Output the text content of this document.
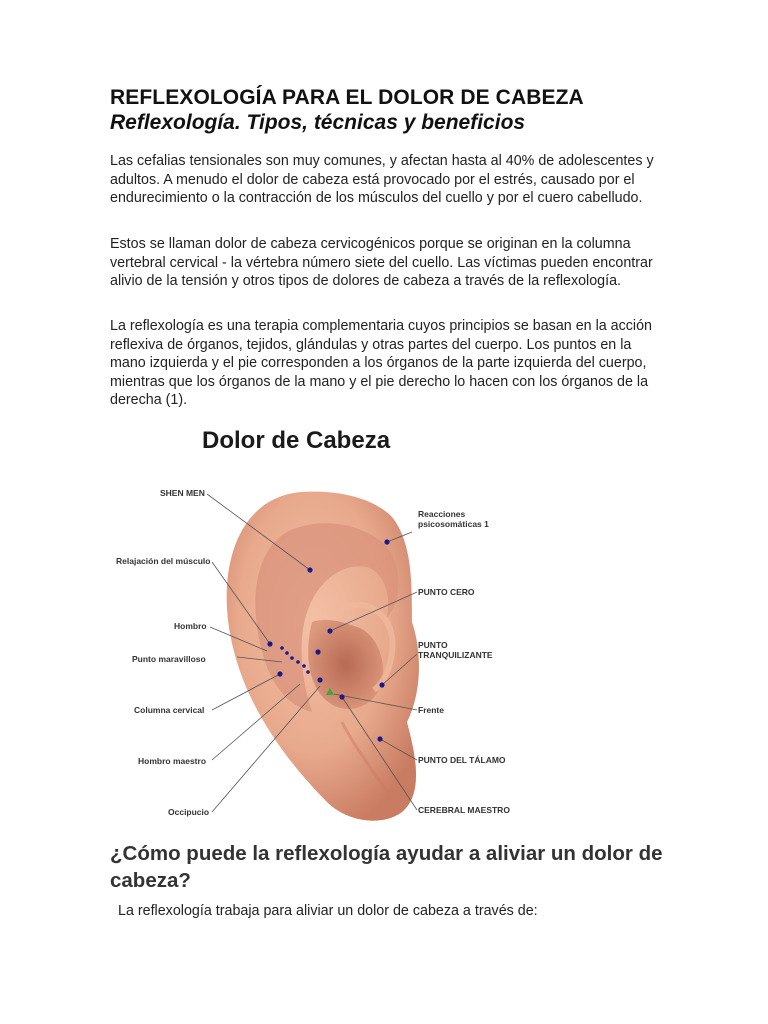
REFLEXOLOGÍA PARA EL DOLOR DE CABEZA
Reflexología. Tipos, técnicas y beneficios

Las cefalias tensionales son muy comunes, y afectan hasta al 40% de adolescentes y adultos. A menudo el dolor de cabeza está provocado por el estrés, causado por el endurecimiento o la contracción de los músculos del cuello y por el cuero cabelludo.

Estos se llaman dolor de cabeza cervicogénicos porque se originan en la columna vertebral cervical - la vértebra número siete del cuello. Las víctimas pueden encontrar alivio de la tensión y otros tipos de dolores de cabeza a través de la reflexología.

La reflexología es una terapia complementaria cuyos principios se basan en la acción reflexiva de órganos, tejidos, glándulas y otras partes del cuerpo. Los puntos en la mano izquierda y el pie corresponden a los órganos de la parte izquierda del cuerpo, mientras que los órganos de la mano y el pie derecho lo hacen con los órganos de la derecha (1).

¿Cómo puede la reflexología ayudar a aliviar un dolor de cabeza?

La reflexología trabaja para aliviar un dolor de cabeza a través de:

Dolor de Cabeza
SHEN MEN
Relajación del músculo
Hombro
Punto maravilloso
Columna cervical
Hombro maestro
Occipucio
Reacciones
psicosomáticas 1
PUNTO CERO
PUNTO
TRANQUILIZANTE
Frente
PUNTO DEL TÁLAMO
CEREBRAL MAESTRO
